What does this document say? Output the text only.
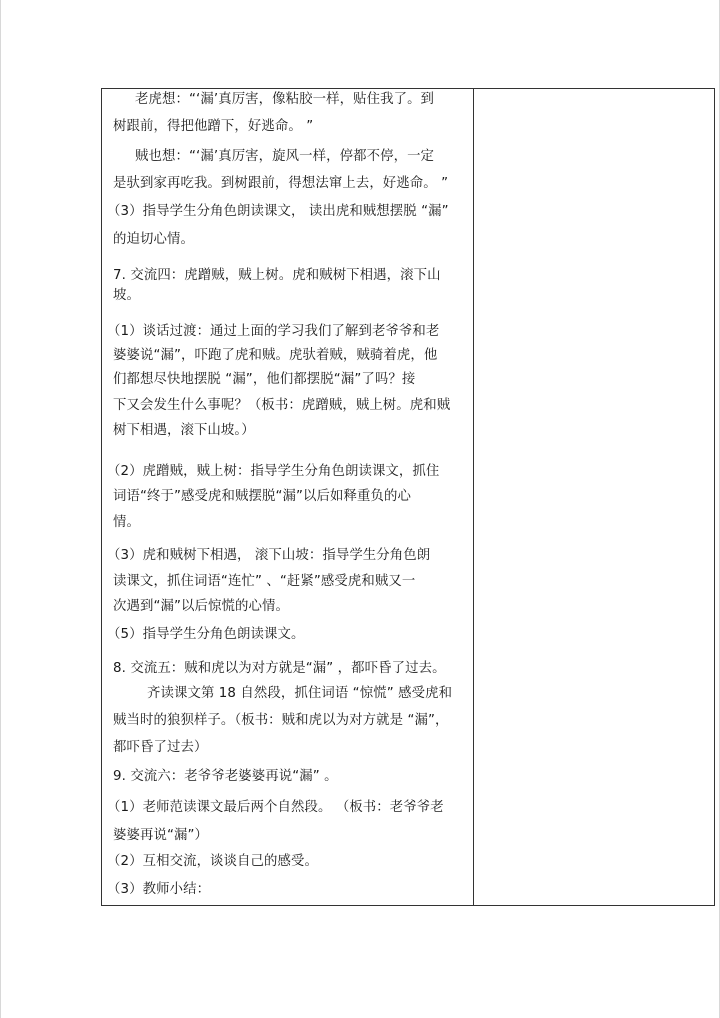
老虎想：“‘漏’真厉害，像粘胶一样，贴住我了。到
树跟前，得把他蹭下，好逃命。 ”
贼也想：“‘漏’真厉害，旋风一样，停都不停，一定
是驮到家再吃我。到树跟前，得想法窜上去，好逃命。 ”
（3）指导学生分角色朗读课文， 读出虎和贼想摆脱 “漏”
的迫切心情。
7. 交流四：虎蹭贼，贼上树。虎和贼树下相遇，滚下山
坡。
（1）谈话过渡：通过上面的学习我们了解到老爷爷和老
婆婆说“漏”，吓跑了虎和贼。虎驮着贼，贼骑着虎，他
们都想尽快地摆脱 “漏”，他们都摆脱“漏”了吗？接
下又会发生什么事呢？（板书：虎蹭贼，贼上树。虎和贼
树下相遇，滚下山坡。）
（2）虎蹭贼，贼上树：指导学生分角色朗读课文，抓住
词语“终于”感受虎和贼摆脱“漏”以后如释重负的心
情。
（3）虎和贼树下相遇， 滚下山坡：指导学生分角色朗
读课文，抓住词语“连忙” 、“赶紧”感受虎和贼又一
次遇到“漏”以后惊慌的心情。
（5）指导学生分角色朗读课文。
8. 交流五：贼和虎以为对方就是“漏” ，都吓昏了过去。
齐读课文第 18 自然段，抓住词语 “惊慌” 感受虎和
贼当时的狼狈样子。（板书：贼和虎以为对方就是 “漏”，
都吓昏了过去）
9. 交流六：老爷爷老婆婆再说“漏” 。
（1）老师范读课文最后两个自然段。 （板书：老爷爷老
婆婆再说“漏”）
（2）互相交流，谈谈自己的感受。
（3）教师小结：
